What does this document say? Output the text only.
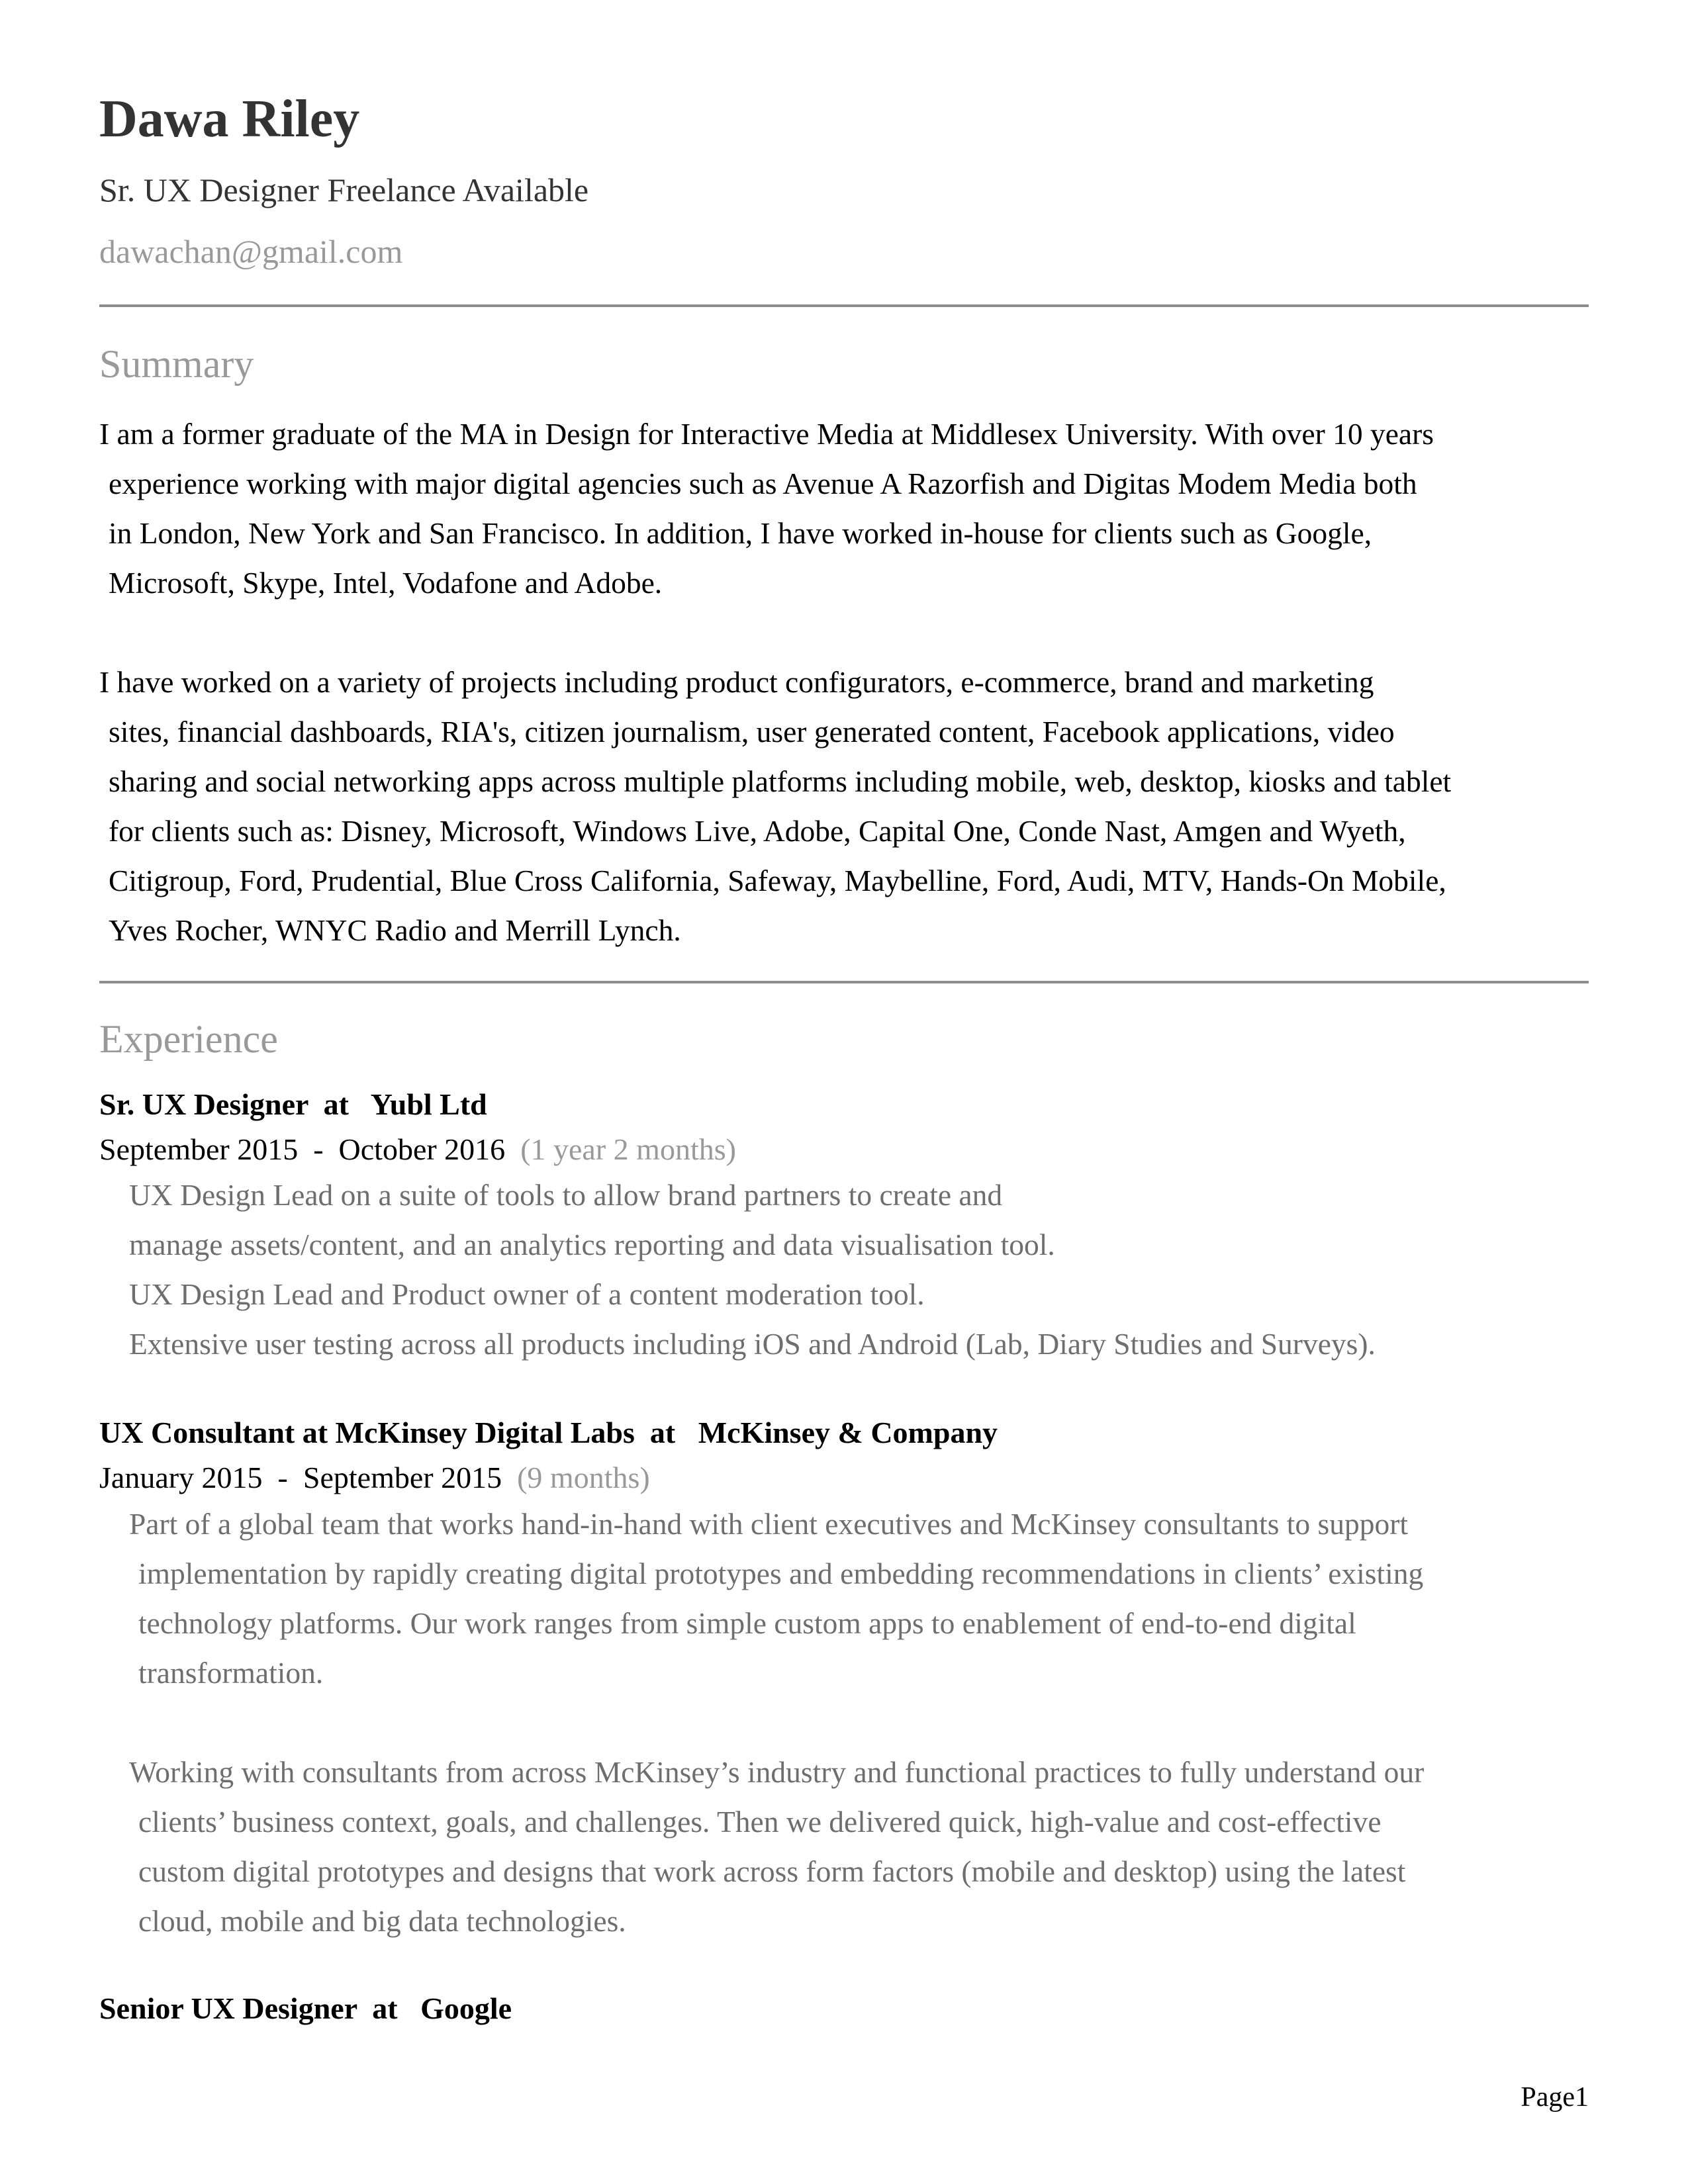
Dawa Riley
Sr. UX Designer Freelance Available
dawachan@gmail.com
Summary
I am a former graduate of the MA in Design for Interactive Media at Middlesex University. With over 10 years
experience working with major digital agencies such as Avenue A Razorfish and Digitas Modem Media both
in London, New York and San Francisco. In addition, I have worked in-house for clients such as Google,
Microsoft, Skype, Intel, Vodafone and Adobe.
I have worked on a variety of projects including product configurators, e-commerce, brand and marketing
sites, financial dashboards, RIA's, citizen journalism, user generated content, Facebook applications, video
sharing and social networking apps across multiple platforms including mobile, web, desktop, kiosks and tablet
for clients such as: Disney, Microsoft, Windows Live, Adobe, Capital One, Conde Nast, Amgen and Wyeth,
Citigroup, Ford, Prudential, Blue Cross California, Safeway, Maybelline, Ford, Audi, MTV, Hands-On Mobile,
Yves Rocher, WNYC Radio and Merrill Lynch.
Experience
Sr. UX Designer  at   Yubl Ltd
September 2015  -  October 2016  (1 year 2 months)
UX Design Lead on a suite of tools to allow brand partners to create and
manage assets/content, and an analytics reporting and data visualisation tool.
UX Design Lead and Product owner of a content moderation tool.
Extensive user testing across all products including iOS and Android (Lab, Diary Studies and Surveys).
UX Consultant at McKinsey Digital Labs  at   McKinsey & Company
January 2015  -  September 2015  (9 months)
Part of a global team that works hand-in-hand with client executives and McKinsey consultants to support
implementation by rapidly creating digital prototypes and embedding recommendations in clients’ existing
technology platforms. Our work ranges from simple custom apps to enablement of end-to-end digital
transformation.
Working with consultants from across McKinsey’s industry and functional practices to fully understand our
clients’ business context, goals, and challenges. Then we delivered quick, high-value and cost-effective
custom digital prototypes and designs that work across form factors (mobile and desktop) using the latest
cloud, mobile and big data technologies.
Senior UX Designer  at   Google
Page1
